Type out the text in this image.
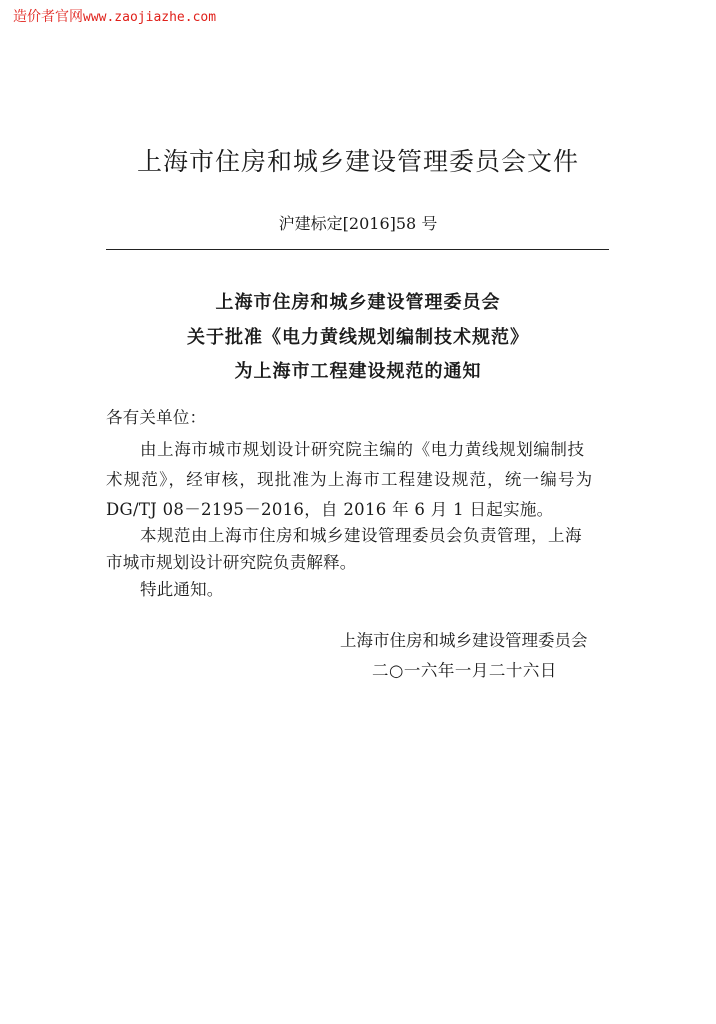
造价者官网www.zaojiazhe.com
上海市住房和城乡建设管理委员会文件
沪建标定[2016]58 号
上海市住房和城乡建设管理委员会
关于批准《电力黄线规划编制技术规范》
为上海市工程建设规范的通知
各有关单位：
由上海市城市规划设计研究院主编的《电力黄线规划编制技
术规范》，经审核，现批准为上海市工程建设规范，统一编号为
DG/TJ 08－2195－2016，自 2016 年 6 月 1 日起实施。
本规范由上海市住房和城乡建设管理委员会负责管理，上海
市城市规划设计研究院负责解释。
特此通知。
上海市住房和城乡建设管理委员会
二○一六年一月二十六日
